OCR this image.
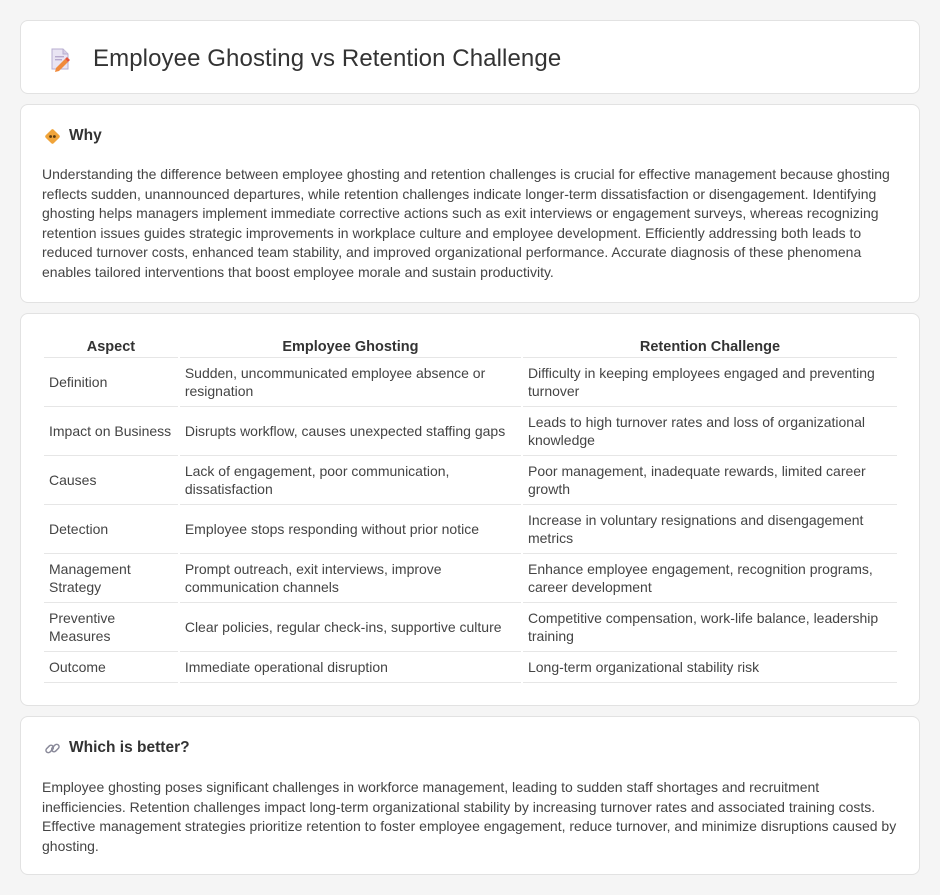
Employee Ghosting vs Retention Challenge
Why

Understanding the difference between employee ghosting and retention challenges is crucial for effective management because ghosting reflects sudden, unannounced departures, while retention challenges indicate longer-term dissatisfaction or disengagement. Identifying ghosting helps managers implement immediate corrective actions such as exit interviews or engagement surveys, whereas recognizing retention issues guides strategic improvements in workplace culture and employee development. Efficiently addressing both leads to reduced turnover costs, enhanced team stability, and improved organizational performance. Accurate diagnosis of these phenomena enables tailored interventions that boost employee morale and sustain productivity.

Aspect	Employee Ghosting	Retention Challenge
Definition	Sudden, uncommunicated employee absence or resignation	Difficulty in keeping employees engaged and preventing turnover
Impact on Business	Disrupts workflow, causes unexpected staffing gaps	Leads to high turnover rates and loss of organizational knowledge
Causes	Lack of engagement, poor communication, dissatisfaction	Poor management, inadequate rewards, limited career growth
Detection	Employee stops responding without prior notice	Increase in voluntary resignations and disengagement metrics
Management Strategy	Prompt outreach, exit interviews, improve communication channels	Enhance employee engagement, recognition programs, career development
Preventive Measures	Clear policies, regular check-ins, supportive culture	Competitive compensation, work-life balance, leadership training
Outcome	Immediate operational disruption	Long-term organizational stability risk
Which is better?

Employee ghosting poses significant challenges in workforce management, leading to sudden staff shortages and recruitment inefficiencies. Retention challenges impact long-term organizational stability by increasing turnover rates and associated training costs. Effective management strategies prioritize retention to foster employee engagement, reduce turnover, and minimize disruptions caused by ghosting.
